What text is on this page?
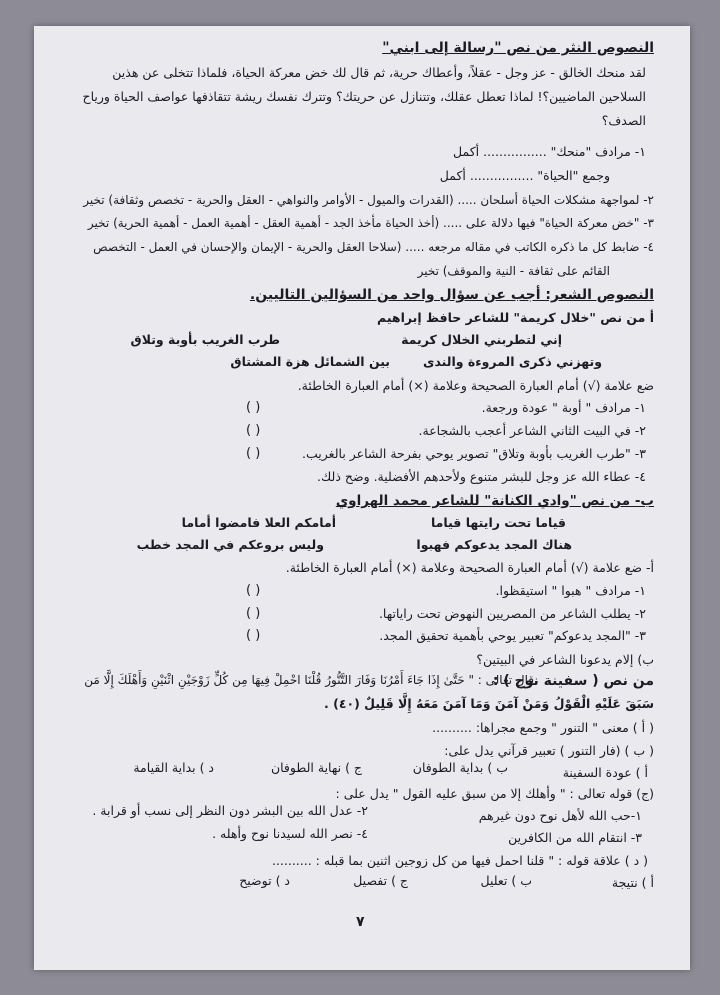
النصوص النثر من نص "رسالة إلى ابني"
لقد منحك الخالق - عز وجل - عقلاً، وأعطاك حرية، ثم قال لك خض معركة الحياة، فلماذا تتخلى عن هذين
السلاحين الماضيين؟! لماذا تعطل عقلك، وتتنازل عن حريتك؟ وتترك نفسك ريشة تتقاذفها عواصف الحياة ورياح
الصدف؟
١- مرادف "منحك" ................ أكمل
وجمع "الحياة" ................ أكمل
٢- لمواجهة مشكلات الحياة أسلحان ..... (القدرات والميول - الأوامر والنواهي - العقل والحرية - تخصص وثقافة) تخير
٣- "خض معركة الحياة" فيها دلالة على ..... (أخذ الحياة مأخذ الجد - أهمية العقل - أهمية العمل - أهمية الحرية) تخير
٤- ضابط كل ما ذكره الكاتب في مقاله مرجعه ..... (سلاحا العقل والحرية - الإيمان والإحسان في العمل - التخصص
القائم على ثقافة - النية والموقف) تخير
النصوص الشعر: أجب عن سؤال واحد من السؤالين التاليين.
أ من نص "خلال كريمة" للشاعر حافظ إبراهيم
إني لتطربني الخلال كريمة
طرب الغريب بأوبة وتلاق
وتهزني ذكرى المروءة والندى
بين الشمائل هزة المشتاق
ضع علامة (√) أمام العبارة الصحيحة وعلامة (×) أمام العبارة الخاطئة.
١- مرادف " أوبة " عودة ورجعة.
( )
٢- في البيت الثاني الشاعر أعجب بالشجاعة.
( )
٣- "طرب الغريب بأوبة وتلاق" تصوير يوحي بفرحة الشاعر بالغريب.
( )
٤- عطاء الله عز وجل للبشر متنوع ولأحدهم الأفضلية. وضح ذلك.
ب- من نص "وادي الكنانة" للشاعر محمد الهراوي
قياما تحت رايتها قياما
أمامكم العلا فامضوا أماما
هناك المجد يدعوكم فهبوا
وليس بروعكم في المجد خطب
أ- ضع علامة (√) أمام العبارة الصحيحة وعلامة (×) أمام العبارة الخاطئة.
١- مرادف " هبوا " استيقظوا.
( )
٢- يطلب الشاعر من المصريين النهوض تحت راياتها.
( )
٣- "المجد يدعوكم" تعبير يوحي بأهمية تحقيق المجد.
( )
ب) إلام يدعونا الشاعر في البيتين؟
من نص ( سفينة نوح ) :
قال تعالى : " حَتَّىٰ إِذَا جَاءَ أَمْرُنَا وَفَارَ التَّنُّورُ قُلْنَا احْمِلْ فِيهَا مِن كُلٍّ زَوْجَيْنِ اثْنَيْنِ وَأَهْلَكَ إِلَّا مَن
سَبَقَ عَلَيْهِ الْقَوْلُ وَمَنْ آمَنَ وَمَا آمَنَ مَعَهُ إِلَّا قَلِيلٌ (٤٠) .
( أ ) معنى " التنور " وجمع مجراها: ..........
( ب ) (فار التنور ) تعبير قرآني يدل على:
أ ) عودة السفينة
ب ) بداية الطوفان
ج ) نهاية الطوفان
د ) بداية القيامة
(ج) قوله تعالى : " وأهلك إلا من سبق عليه القول " يدل على :
١-حب الله لأهل نوح دون غيرهم
٢- عدل الله بين البشر دون النظر إلى نسب أو قرابة .
٣- انتقام الله من الكافرين
٤- نصر الله لسيدنا نوح وأهله .
( د ) علاقة قوله : " قلنا احمل فيها من كل زوجين اثنين بما قبله : ..........
أ ) نتيجة
ب ) تعليل
ج ) تفصيل
د ) توضيح
٧
